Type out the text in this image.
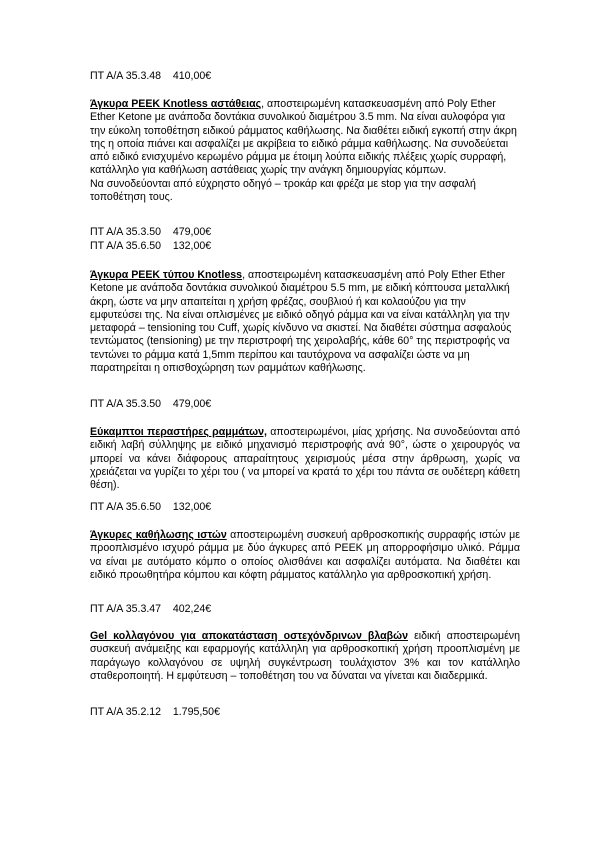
ΠΤ Α/Α 35.3.48    410,00€

Άγκυρα PEEK Knotless αστάθειας, αποστειρωμένη κατασκευασμένη από Poly Ether Ether Ketone με ανάποδα δοντάκια συνολικού διαμέτρου 3.5 mm. Να είναι αυλοφόρα για την εύκολη τοποθέτηση ειδικού ράμματος καθήλωσης. Να διαθέτει ειδική εγκοπή στην άκρη της η οποία πιάνει και ασφαλίζει με ακρίβεια το ειδικό ράμμα καθήλωσης. Να συνοδεύεται από ειδικό ενισχυμένο κερωμένο ράμμα με έτοιμη λούπα ειδικής πλέξεις χωρίς συρραφή, κατάλληλο για καθήλωση αστάθειας χωρίς την ανάγκη δημιουργίας κόμπων.

Να συνοδεύονται από εύχρηστο οδηγό – τροκάρ και φρέζα με stop για την ασφαλή τοποθέτηση τους.

ΠΤ Α/Α 35.3.50    479,00€

ΠΤ Α/Α 35.6.50    132,00€

Άγκυρα PEEK τύπου Knotless, αποστειρωμένη κατασκευασμένη από Poly Ether Ether Ketone με ανάποδα δοντάκια συνολικού διαμέτρου 5.5 mm, με ειδική κόπτουσα μεταλλική άκρη, ώστε να μην απαιτείται η χρήση φρέζας, σουβλιού ή και κολαούζου για την εμφυτεύσει της. Να είναι οπλισμένες με ειδικό οδηγό ράμμα και να είναι κατάλληλη για την μεταφορά – tensioning του Cuff, χωρίς κίνδυνο να σκιστεί. Να διαθέτει σύστημα ασφαλούς τεντώματος (tensioning) με την περιστροφή της χειρολαβής, κάθε 60° της περιστροφής να τεντώνει το ράμμα κατά 1,5mm περίπου και ταυτόχρονα να ασφαλίζει ώστε να μη παρατηρείται η οπισθοχώρηση των ραμμάτων καθήλωσης.

ΠΤ Α/Α 35.3.50    479,00€

Εύκαμπτοι περαστήρες ραμμάτων, αποστειρωμένοι, μίας χρήσης. Να συνοδεύονται από ειδική λαβή σύλληψης με ειδικό μηχανισμό περιστροφής ανά 90°, ώστε ο χειρουργός να μπορεί να κάνει διάφορους απαραίτητους χειρισμούς μέσα στην άρθρωση, χωρίς να χρειάζεται να γυρίζει το χέρι του ( να μπορεί να κρατά το χέρι του πάντα σε ουδέτερη κάθετη θέση).

ΠΤ Α/Α 35.6.50    132,00€

Άγκυρες καθήλωσης ιστών αποστειρωμένη συσκευή αρθροσκοπικής συρραφής ιστών με προοπλισμένο ισχυρό ράμμα με δύο άγκυρες από PEEK μη απορροφήσιμο υλικό. Ράμμα να είναι με αυτόματο κόμπο ο οποίος ολισθάνει και ασφαλίζει αυτόματα. Να διαθέτει και ειδικό προωθητήρα κόμπου και κόφτη ράμματος κατάλληλο για αρθροσκοπική χρήση.

ΠΤ Α/Α 35.3.47    402,24€

Gel κολλαγόνου για αποκατάσταση οστεχόνδρινων βλαβών ειδική αποστειρωμένη συσκευή ανάμειξης και εφαρμογής κατάλληλη για αρθροσκοπική χρήση προοπλισμένη με παράγωγο κολλαγόνου σε υψηλή συγκέντρωση τουλάχιστον 3% και τον κατάλληλο σταθεροποιητή. Η εμφύτευση – τοποθέτηση του να δύναται να γίνεται και διαδερμικά.

ΠΤ Α/Α 35.2.12    1.795,50€
